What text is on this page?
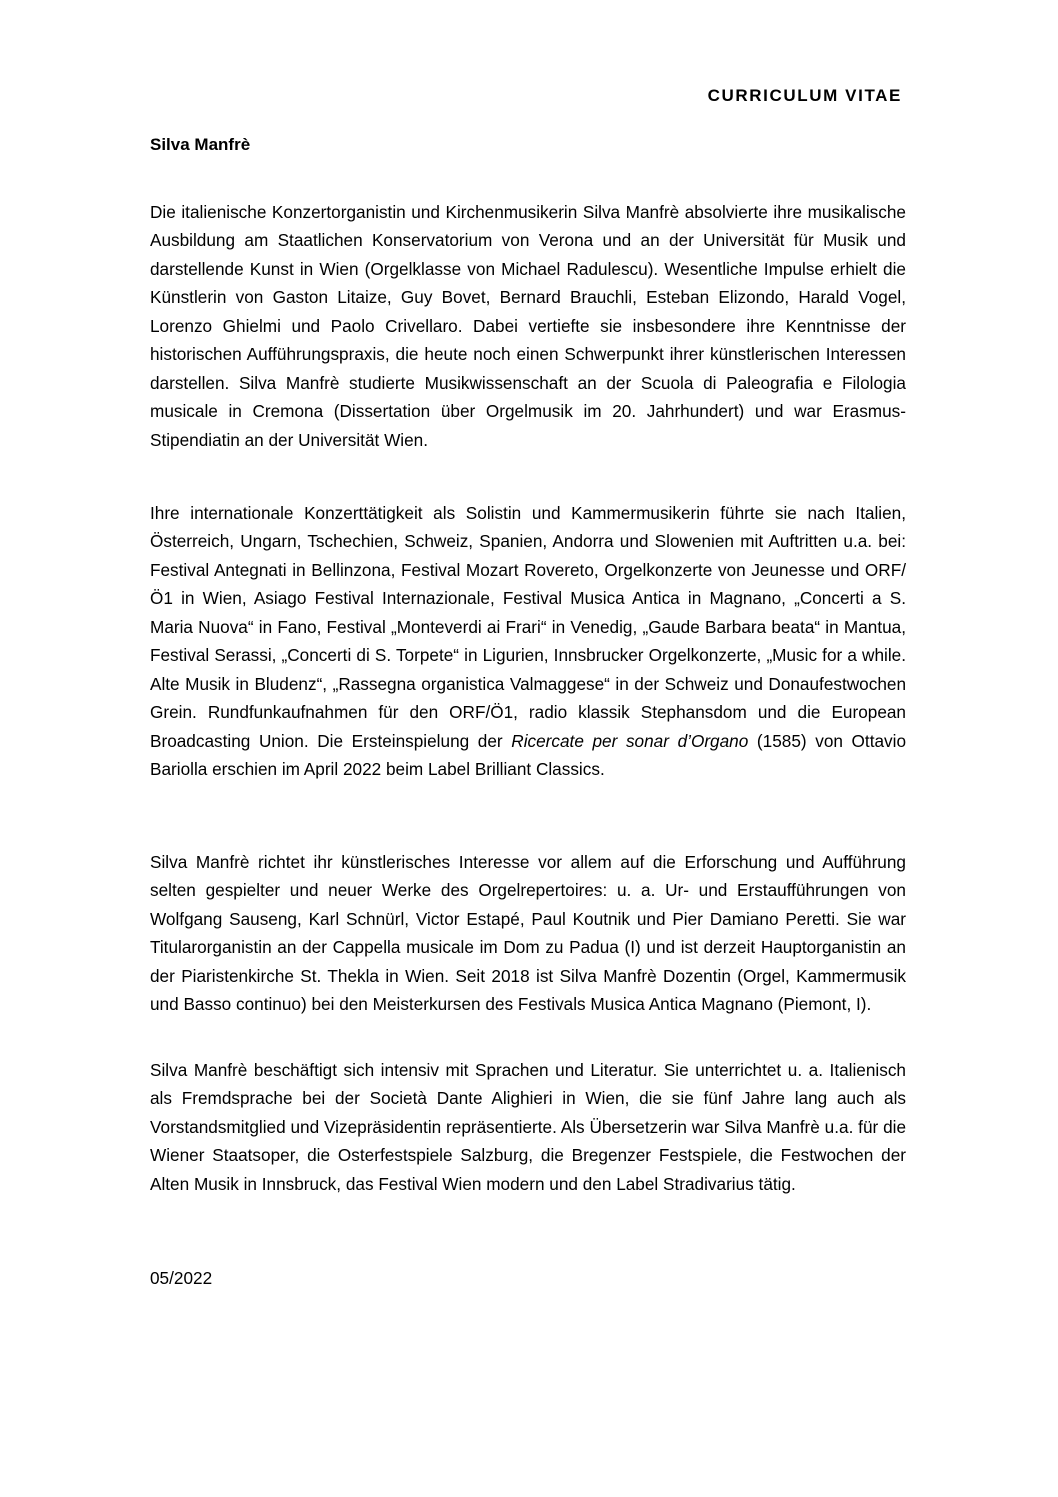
CURRICULUM VITAE
Silva Manfrè

Die italienische Konzertorganistin und Kirchenmusikerin Silva Manfrè absolvierte ihre musikalische Ausbildung am Staatlichen Konservatorium von Verona und an der Universität für Musik und darstellende Kunst in Wien (Orgelklasse von Michael Radulescu). Wesentliche Impulse erhielt die Künstlerin von Gaston Litaize, Guy Bovet, Bernard Brauchli, Esteban Elizondo, Harald Vogel, Lorenzo Ghielmi und Paolo Crivellaro. Dabei vertiefte sie insbesondere ihre Kenntnisse der historischen Aufführungspraxis, die heute noch einen Schwerpunkt ihrer künstlerischen Interessen darstellen. Silva Manfrè studierte Musikwissenschaft an der Scuola di Paleografia e Filologia musicale in Cremona (Dissertation über Orgelmusik im 20. Jahrhundert) und war Erasmus-Stipendiatin an der Universität Wien.

Ihre internationale Konzerttätigkeit als Solistin und Kammermusikerin führte sie nach Italien, Österreich, Ungarn, Tschechien, Schweiz, Spanien, Andorra und Slowenien mit Auftritten u.a. bei: Festival Antegnati in Bellinzona, Festival Mozart Rovereto, Orgelkonzerte von Jeunesse und ORF/Ö1 in Wien, Asiago Festival Internazionale, Festival Musica Antica in Magnano, „Concerti a S. Maria Nuova“ in Fano, Festival „Monteverdi ai Frari“ in Venedig, „Gaude Barbara beata“ in Mantua, Festival Serassi, „Concerti di S. Torpete“ in Ligurien, Innsbrucker Orgelkonzerte, „Music for a while. Alte Musik in Bludenz“, „Rassegna organistica Valmaggese“ in der Schweiz und Donaufestwochen Grein. Rundfunkaufnahmen für den ORF/Ö1, radio klassik Stephansdom und die European Broadcasting Union. Die Ersteinspielung der Ricercate per sonar d’Organo (1585) von Ottavio Bariolla erschien im April 2022 beim Label Brilliant Classics.

Silva Manfrè richtet ihr künstlerisches Interesse vor allem auf die Erforschung und Aufführung selten gespielter und neuer Werke des Orgelrepertoires: u. a. Ur- und Erstaufführungen von Wolfgang Sauseng, Karl Schnürl, Victor Estapé, Paul Koutnik und Pier Damiano Peretti. Sie war Titularorganistin an der Cappella musicale im Dom zu Padua (I) und ist derzeit Hauptorganistin an der Piaristenkirche St. Thekla in Wien. Seit 2018 ist Silva Manfrè Dozentin (Orgel, Kammermusik und Basso continuo) bei den Meisterkursen des Festivals Musica Antica Magnano (Piemont, I).

Silva Manfrè beschäftigt sich intensiv mit Sprachen und Literatur. Sie unterrichtet u. a. Italienisch als Fremdsprache bei der Società Dante Alighieri in Wien, die sie fünf Jahre lang auch als Vorstandsmitglied und Vizepräsidentin repräsentierte. Als Übersetzerin war Silva Manfrè u.a. für die Wiener Staatsoper, die Osterfestspiele Salzburg, die Bregenzer Festspiele, die Festwochen der Alten Musik in Innsbruck, das Festival Wien modern und den Label Stradivarius tätig.

05/2022
